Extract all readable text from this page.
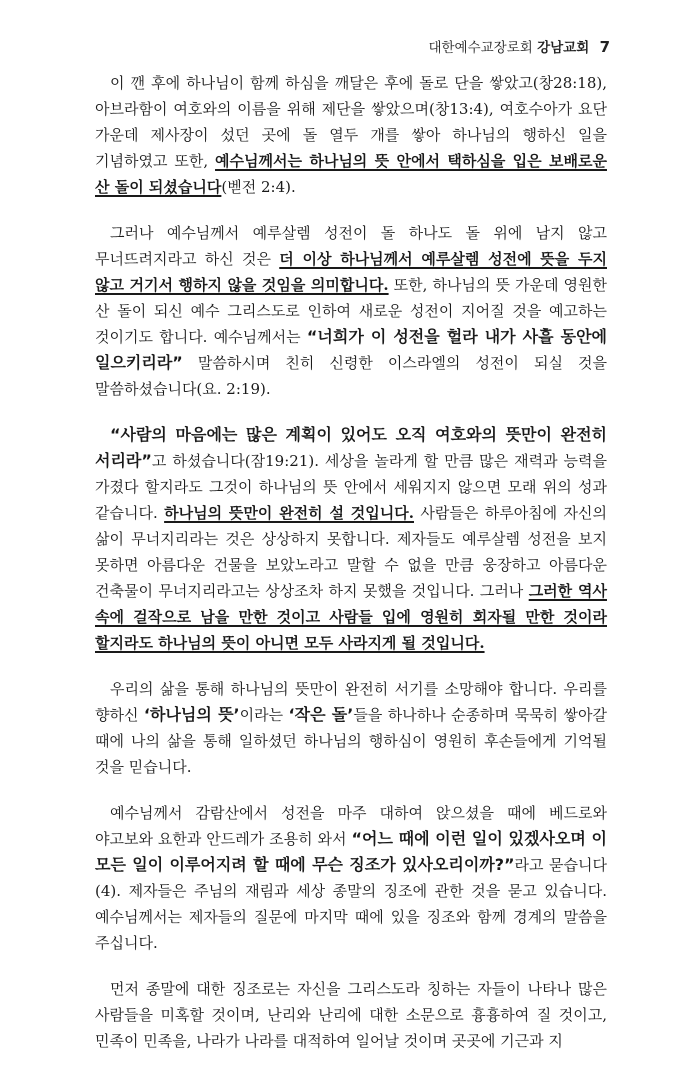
대한예수교장로회 강남교회 7

이 깬 후에 하나님이 함께 하심을 깨달은 후에 돌로 단을 쌓았고(창28:18), 아브라함이 여호와의 이름을 위해 제단을 쌓았으며(창13:4), 여호수아가 요단 가운데 제사장이 섰던 곳에 돌 열두 개를 쌓아 하나님의 행하신 일을 기념하였고 또한, 예수님께서는 하나님의 뜻 안에서 택하심을 입은 보배로운 산 돌이 되셨습니다(벧전 2:4).

그러나 예수님께서 예루살렘 성전이 돌 하나도 돌 위에 남지 않고 무너뜨려지라고 하신 것은 더 이상 하나님께서 예루살렘 성전에 뜻을 두지 않고 거기서 행하지 않을 것임을 의미합니다. 또한, 하나님의 뜻 가운데 영원한 산 돌이 되신 예수 그리스도로 인하여 새로운 성전이 지어질 것을 예고하는 것이기도 합니다. 예수님께서는 “너희가 이 성전을 헐라 내가 사흘 동안에 일으키리라” 말씀하시며 친히 신령한 이스라엘의 성전이 되실 것을 말씀하셨습니다(요. 2:19).

“사람의 마음에는 많은 계획이 있어도 오직 여호와의 뜻만이 완전히 서리라”고 하셨습니다(잠19:21). 세상을 놀라게 할 만큼 많은 재력과 능력을 가졌다 할지라도 그것이 하나님의 뜻 안에서 세워지지 않으면 모래 위의 성과 같습니다. 하나님의 뜻만이 완전히 설 것입니다. 사람들은 하루아침에 자신의 삶이 무너지리라는 것은 상상하지 못합니다. 제자들도 예루살렘 성전을 보지 못하면 아름다운 건물을 보았노라고 말할 수 없을 만큼 웅장하고 아름다운 건축물이 무너지리라고는 상상조차 하지 못했을 것입니다. 그러나 그러한 역사 속에 걸작으로 남을 만한 것이고 사람들 입에 영원히 회자될 만한 것이라 할지라도 하나님의 뜻이 아니면 모두 사라지게 될 것입니다.

우리의 삶을 통해 하나님의 뜻만이 완전히 서기를 소망해야 합니다. 우리를 향하신 ‘하나님의 뜻’이라는 ‘작은 돌’들을 하나하나 순종하며 묵묵히 쌓아갈 때에 나의 삶을 통해 일하셨던 하나님의 행하심이 영원히 후손들에게 기억될 것을 믿습니다.

예수님께서 감람산에서 성전을 마주 대하여 앉으셨을 때에 베드로와 야고보와 요한과 안드레가 조용히 와서 “어느 때에 이런 일이 있겠사오며 이 모든 일이 이루어지려 할 때에 무슨 징조가 있사오리이까?”라고 묻습니다(4). 제자들은 주님의 재림과 세상 종말의 징조에 관한 것을 묻고 있습니다. 예수님께서는 제자들의 질문에 마지막 때에 있을 징조와 함께 경계의 말씀을 주십니다.

먼저 종말에 대한 징조로는 자신을 그리스도라 칭하는 자들이 나타나 많은 사람들을 미혹할 것이며, 난리와 난리에 대한 소문으로 흉흉하여 질 것이고, 민족이 민족을, 나라가 나라를 대적하여 일어날 것이며 곳곳에 기근과 지
